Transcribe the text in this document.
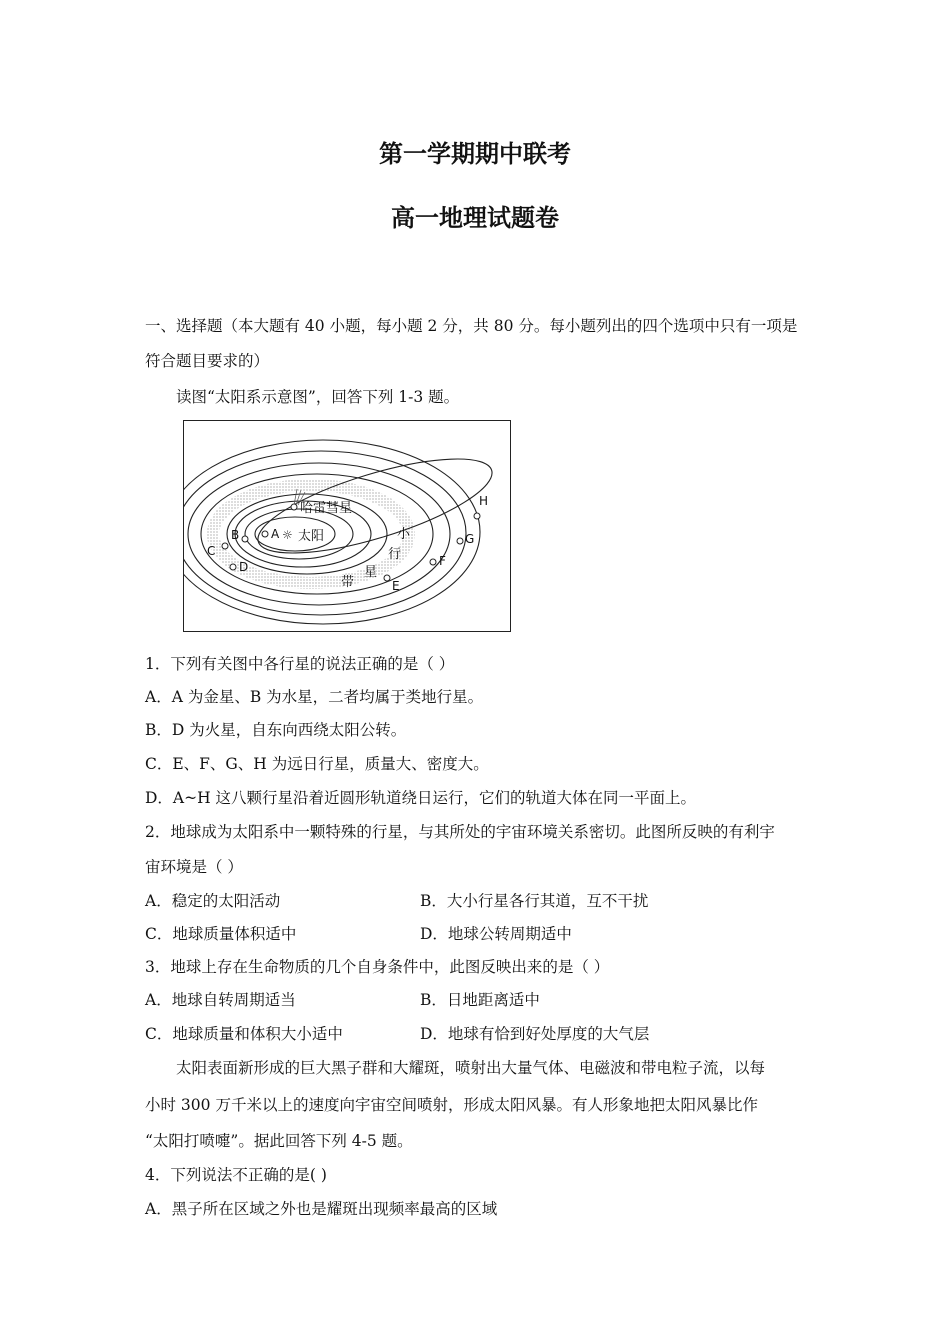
第一学期期中联考
高一地理试题卷
一、选择题（本大题有 40 小题，每小题 2 分，共 80 分。每小题列出的四个选项中只有一项是
符合题目要求的）
读图“太阳系示意图”，回答下列 1-3 题。
A ☼ 太阳
B
C
D
E
F
G
H
哈雷彗星
小
行
星
带
1．下列有关图中各行星的说法正确的是（ ）
A．A 为金星、B 为水星，二者均属于类地行星。
B．D 为火星，自东向西绕太阳公转。
C．E、F、G、H 为远日行星，质量大、密度大。
D．A~H 这八颗行星沿着近圆形轨道绕日运行，它们的轨道大体在同一平面上。
2．地球成为太阳系中一颗特殊的行星，与其所处的宇宙环境关系密切。此图所反映的有利宇
宙环境是（ ）
A．稳定的太阳活动	B．大小行星各行其道，互不干扰
C．地球质量体积适中	D．地球公转周期适中
3．地球上存在生命物质的几个自身条件中，此图反映出来的是（ ）
A．地球自转周期适当	B．日地距离适中
C．地球质量和体积大小适中	D．地球有恰到好处厚度的大气层
太阳表面新形成的巨大黑子群和大耀斑，喷射出大量气体、电磁波和带电粒子流，以每
小时 300 万千米以上的速度向宇宙空间喷射，形成太阳风暴。有人形象地把太阳风暴比作
“太阳打喷嚏”。据此回答下列 4-5 题。
4．下列说法不正确的是( )
A．黑子所在区域之外也是耀斑出现频率最高的区域
